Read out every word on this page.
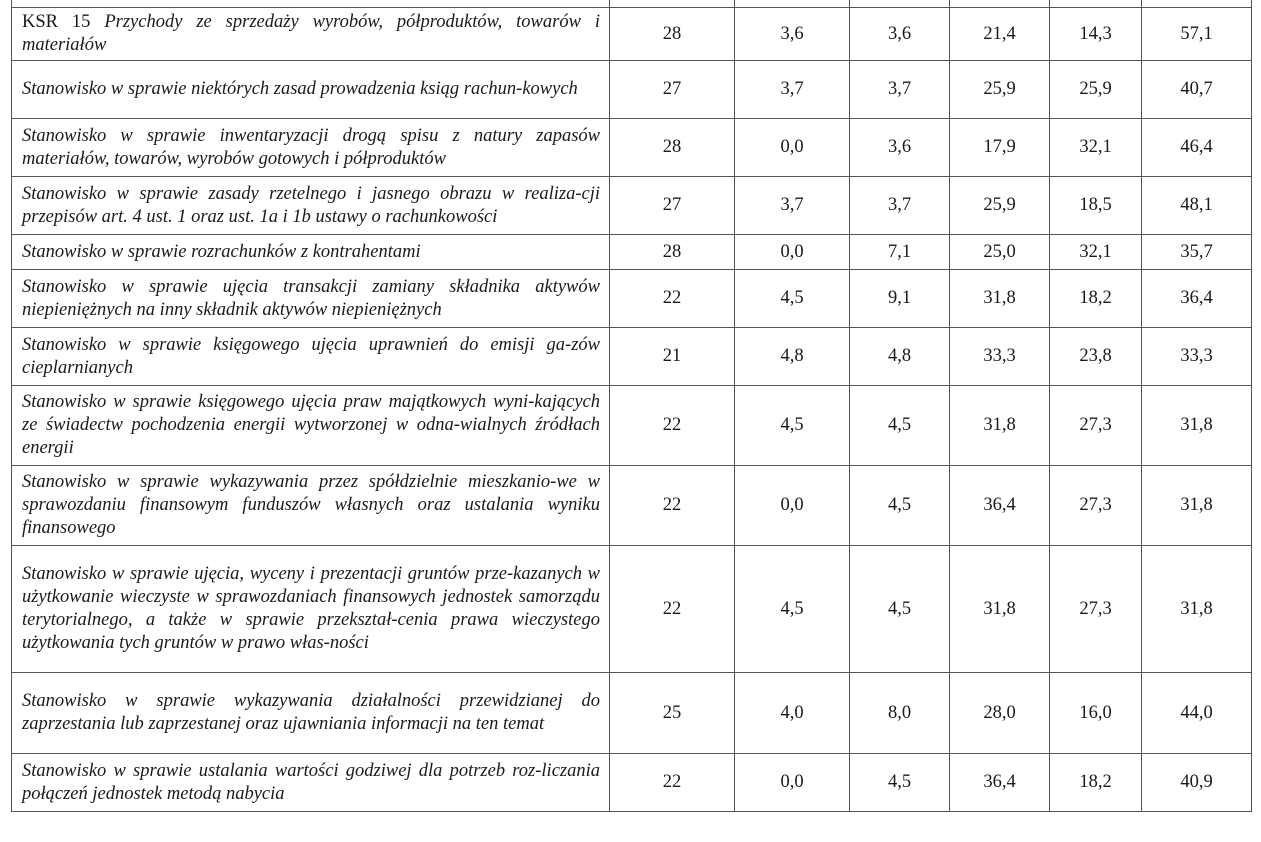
KSR 15 Przychody ze sprzedaży wyrobów, półproduktów, towarów i materiałów	28	3,6	3,6	21,4	14,3	57,1
Stanowisko w sprawie niektórych zasad prowadzenia ksiąg rachun-kowych	27	3,7	3,7	25,9	25,9	40,7
Stanowisko w sprawie inwentaryzacji drogą spisu z natury zapasów materiałów, towarów, wyrobów gotowych i półproduktów	28	0,0	3,6	17,9	32,1	46,4
Stanowisko w sprawie zasady rzetelnego i jasnego obrazu w realiza-cji przepisów art. 4 ust. 1 oraz ust. 1a i 1b ustawy o rachunkowości	27	3,7	3,7	25,9	18,5	48,1
Stanowisko w sprawie rozrachunków z kontrahentami	28	0,0	7,1	25,0	32,1	35,7
Stanowisko w sprawie ujęcia transakcji zamiany składnika aktywów niepieniężnych na inny składnik aktywów niepieniężnych	22	4,5	9,1	31,8	18,2	36,4
Stanowisko w sprawie księgowego ujęcia uprawnień do emisji ga-zów cieplarnianych	21	4,8	4,8	33,3	23,8	33,3
Stanowisko w sprawie księgowego ujęcia praw majątkowych wyni-kających ze świadectw pochodzenia energii wytworzonej w odna-wialnych źródłach energii	22	4,5	4,5	31,8	27,3	31,8
Stanowisko w sprawie wykazywania przez spółdzielnie mieszkanio-we w sprawozdaniu finansowym funduszów własnych oraz ustalania wyniku finansowego	22	0,0	4,5	36,4	27,3	31,8
Stanowisko w sprawie ujęcia, wyceny i prezentacji gruntów prze-kazanych w użytkowanie wieczyste w sprawozdaniach finansowych jednostek samorządu terytorialnego, a także w sprawie przekształ-cenia prawa wieczystego użytkowania tych gruntów w prawo włas-ności	22	4,5	4,5	31,8	27,3	31,8
Stanowisko w sprawie wykazywania działalności przewidzianej do zaprzestania lub zaprzestanej oraz ujawniania informacji na ten temat	25	4,0	8,0	28,0	16,0	44,0
Stanowisko w sprawie ustalania wartości godziwej dla potrzeb roz-liczania połączeń jednostek metodą nabycia	22	0,0	4,5	36,4	18,2	40,9
